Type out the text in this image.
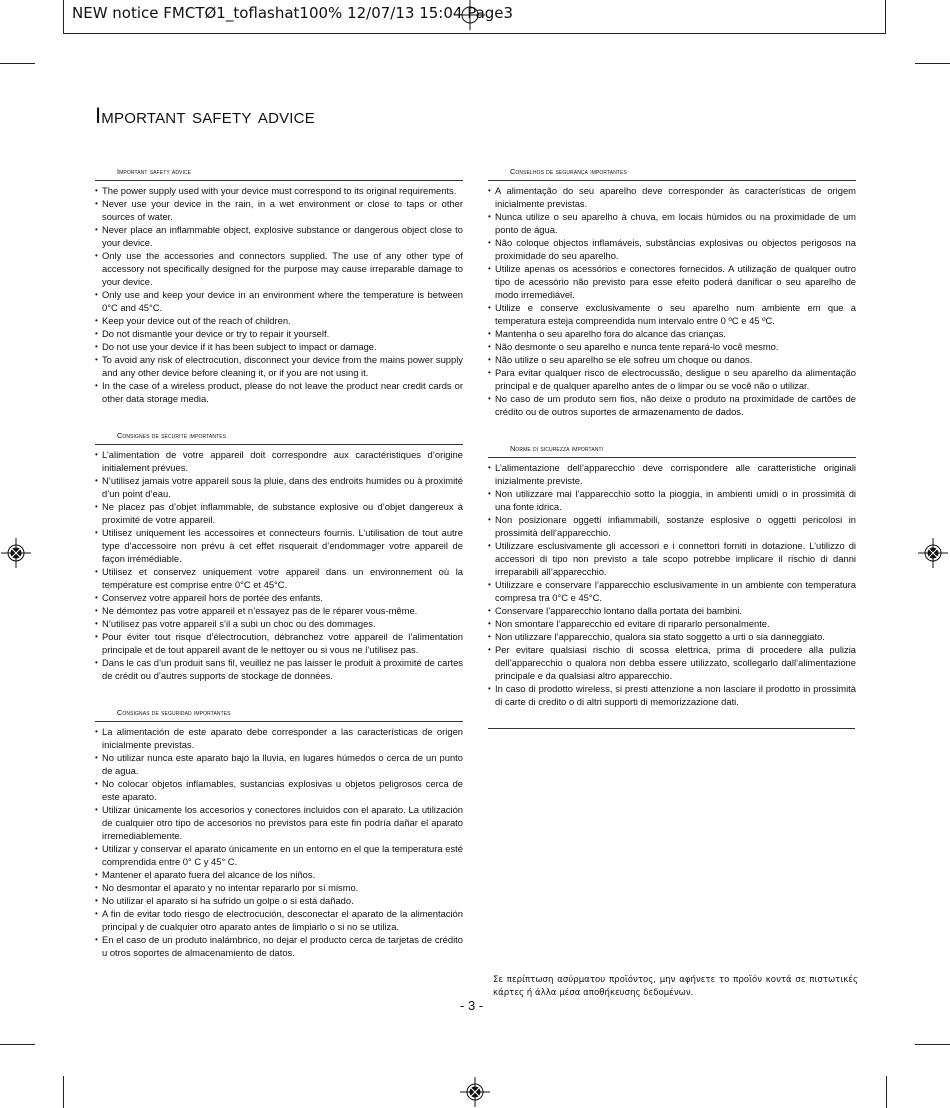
NEW notice FMCTØ1_toflashat100% 12/07/13 15:04 Page3
Important safety advice
Important safety advice
• The power supply used with your device must correspond to its original requirements.
• Never use your device in the rain, in a wet environment or close to taps or other sources of water.
• Never place an inflammable object, explosive substance or dangerous object close to your device.
• Only use the accessories and connectors supplied. The use of any other type of accessory not specifically designed for the purpose may cause irreparable damage to your device.
• Only use and keep your device in an environment where the temperature is between 0°C and 45°C.
• Keep your device out of the reach of children.
• Do not dismantle your device or try to repair it yourself.
• Do not use your device if it has been subject to impact or damage.
• To avoid any risk of electrocution, disconnect your device from the mains power supply and any other device before cleaning it, or if you are not using it.
• In the case of a wireless product, please do not leave the product near credit cards or other data storage media.
Consignes de sécurité importantes
• L’alimentation de votre appareil doit correspondre aux caractéristiques d’origine initialement prévues.
• N’utilisez jamais votre appareil sous la pluie, dans des endroits humides ou à proximité d’un point d’eau.
• Ne placez pas d’objet inflammable, de substance explosive ou d’objet dangereux à proximité de votre appareil.
• Utilisez uniquement les accessoires et connecteurs fournis. L’utilisation de tout autre type d’accessoire non prévu à cet effet risquerait d’endommager votre appareil de façon irrémédiable.
• Utilisez et conservez uniquement votre appareil dans un environnement où la température est comprise entre 0°C et 45°C.
• Conservez votre appareil hors de portée des enfants.
• Ne démontez pas votre appareil et n’essayez pas de le réparer vous-même.
• N’utilisez pas votre appareil s’il a subi un choc ou des dommages.
• Pour éviter tout risque d’électrocution, débranchez votre appareil de l’alimentation principale et de tout appareil avant de le nettoyer ou si vous ne l’utilisez pas.
• Dans le cas d’un produit sans fil, veuillez ne pas laisser le produit à proximité de cartes de crédit ou d’autres supports de stockage de données.
Consignas de seguridad importantes
• La alimentación de este aparato debe corresponder a las características de origen inicialmente previstas.
• No utilizar nunca este aparato bajo la lluvia, en lugares húmedos o cerca de un punto de agua.
• No colocar objetos inflamables, sustancias explosivas u objetos peligrosos cerca de este aparato.
• Utilizar únicamente los accesorios y conectores incluidos con el aparato. La utilización de cualquier otro tipo de accesorios no previstos para este fin podría dañar el aparato irremediablemente.
• Utilizar y conservar el aparato únicamente en un entorno en el que la temperatura esté comprendida entre 0° C y 45° C.
• Mantener el aparato fuera del alcance de los niños.
• No desmontar el aparato y no intentar repararlo por sí mismo.
• No utilizar el aparato si ha sufrido un golpe o si está dañado.
• A fin de evitar todo riesgo de electrocución, desconectar el aparato de la alimentación principal y de cualquier otro aparato antes de limpiarlo o si no se utiliza.
• En el caso de un produto inalámbrico, no dejar el producto cerca de tarjetas de crédito u otros soportes de almacenamiento de datos.
Conselhos de segurança importantes
• A alimentação do seu aparelho deve corresponder às características de origem inicialmente previstas.
• Nunca utilize o seu aparelho à chuva, em locais húmidos ou na proximidade de um ponto de água.
• Não coloque objectos inflamáveis, substâncias explosivas ou objectos perigosos na proximidade do seu aparelho.
• Utilize apenas os acessórios e conectores fornecidos. A utilização de qualquer outro tipo de acessório não previsto para esse efeito poderá danificar o seu aparelho de modo irremediável.
• Utilize e conserve exclusivamente o seu aparelho num ambiente em que a temperatura esteja compreendida num intervalo entre 0 ºC e 45 ºC.
• Mantenha o seu aparelho fora do alcance das crianças.
• Não desmonte o seu aparelho e nunca tente repará-lo você mesmo.
• Não utilize o seu aparelho se ele sofreu um choque ou danos.
• Para evitar qualquer risco de electrocussão, desligue o seu aparelho da alimentação principal e de qualquer aparelho antes de o limpar ou se você não o utilizar.
• No caso de um produto sem fios, não deixe o produto na proximidade de cartões de crédito ou de outros suportes de armazenamento de dados.
Norme di sicurezza importanti
• L’alimentazione dell’apparecchio deve corrispondere alle caratteristiche originali inizialmente previste.
• Non utilizzare mai l’apparecchio sotto la pioggia, in ambienti umidi o in prossimità di una fonte idrica.
• Non posizionare oggetti infiammabili, sostanze esplosive o oggetti pericolosi in prossimità dell’apparecchio.
• Utilizzare esclusivamente gli accessori e i connettori forniti in dotazione. L’utilizzo di accessori di tipo non previsto a tale scopo potrebbe implicare il rischio di danni irreparabili all’apparecchio.
• Utilizzare e conservare l’apparecchio esclusivamente in un ambiente con temperatura compresa tra 0°C e 45°C.
• Conservare l’apparecchio lontano dalla portata dei bambini.
• Non smontare l’apparecchio ed evitare di ripararlo personalmente.
• Non utilizzare l’apparecchio, qualora sia stato soggetto a urti o sia danneggiato.
• Per evitare qualsiasi rischio di scossa elettrica, prima di procedere alla pulizia dell’apparecchio o qualora non debba essere utilizzato, scollegarlo dall’alimentazione principale e da qualsiasi altro apparecchio.
• In caso di prodotto wireless, si presti attenzione a non lasciare il prodotto in prossimità di carte di credito o di altri supporti di memorizzazione dati.
Σε περίπτωση ασύρματου προϊόντος, μην αφήνετε το προϊόν κοντά σε πιστωτικές κάρτες ή άλλα μέσα αποθήκευσης δεδομένων.
- 3 -
